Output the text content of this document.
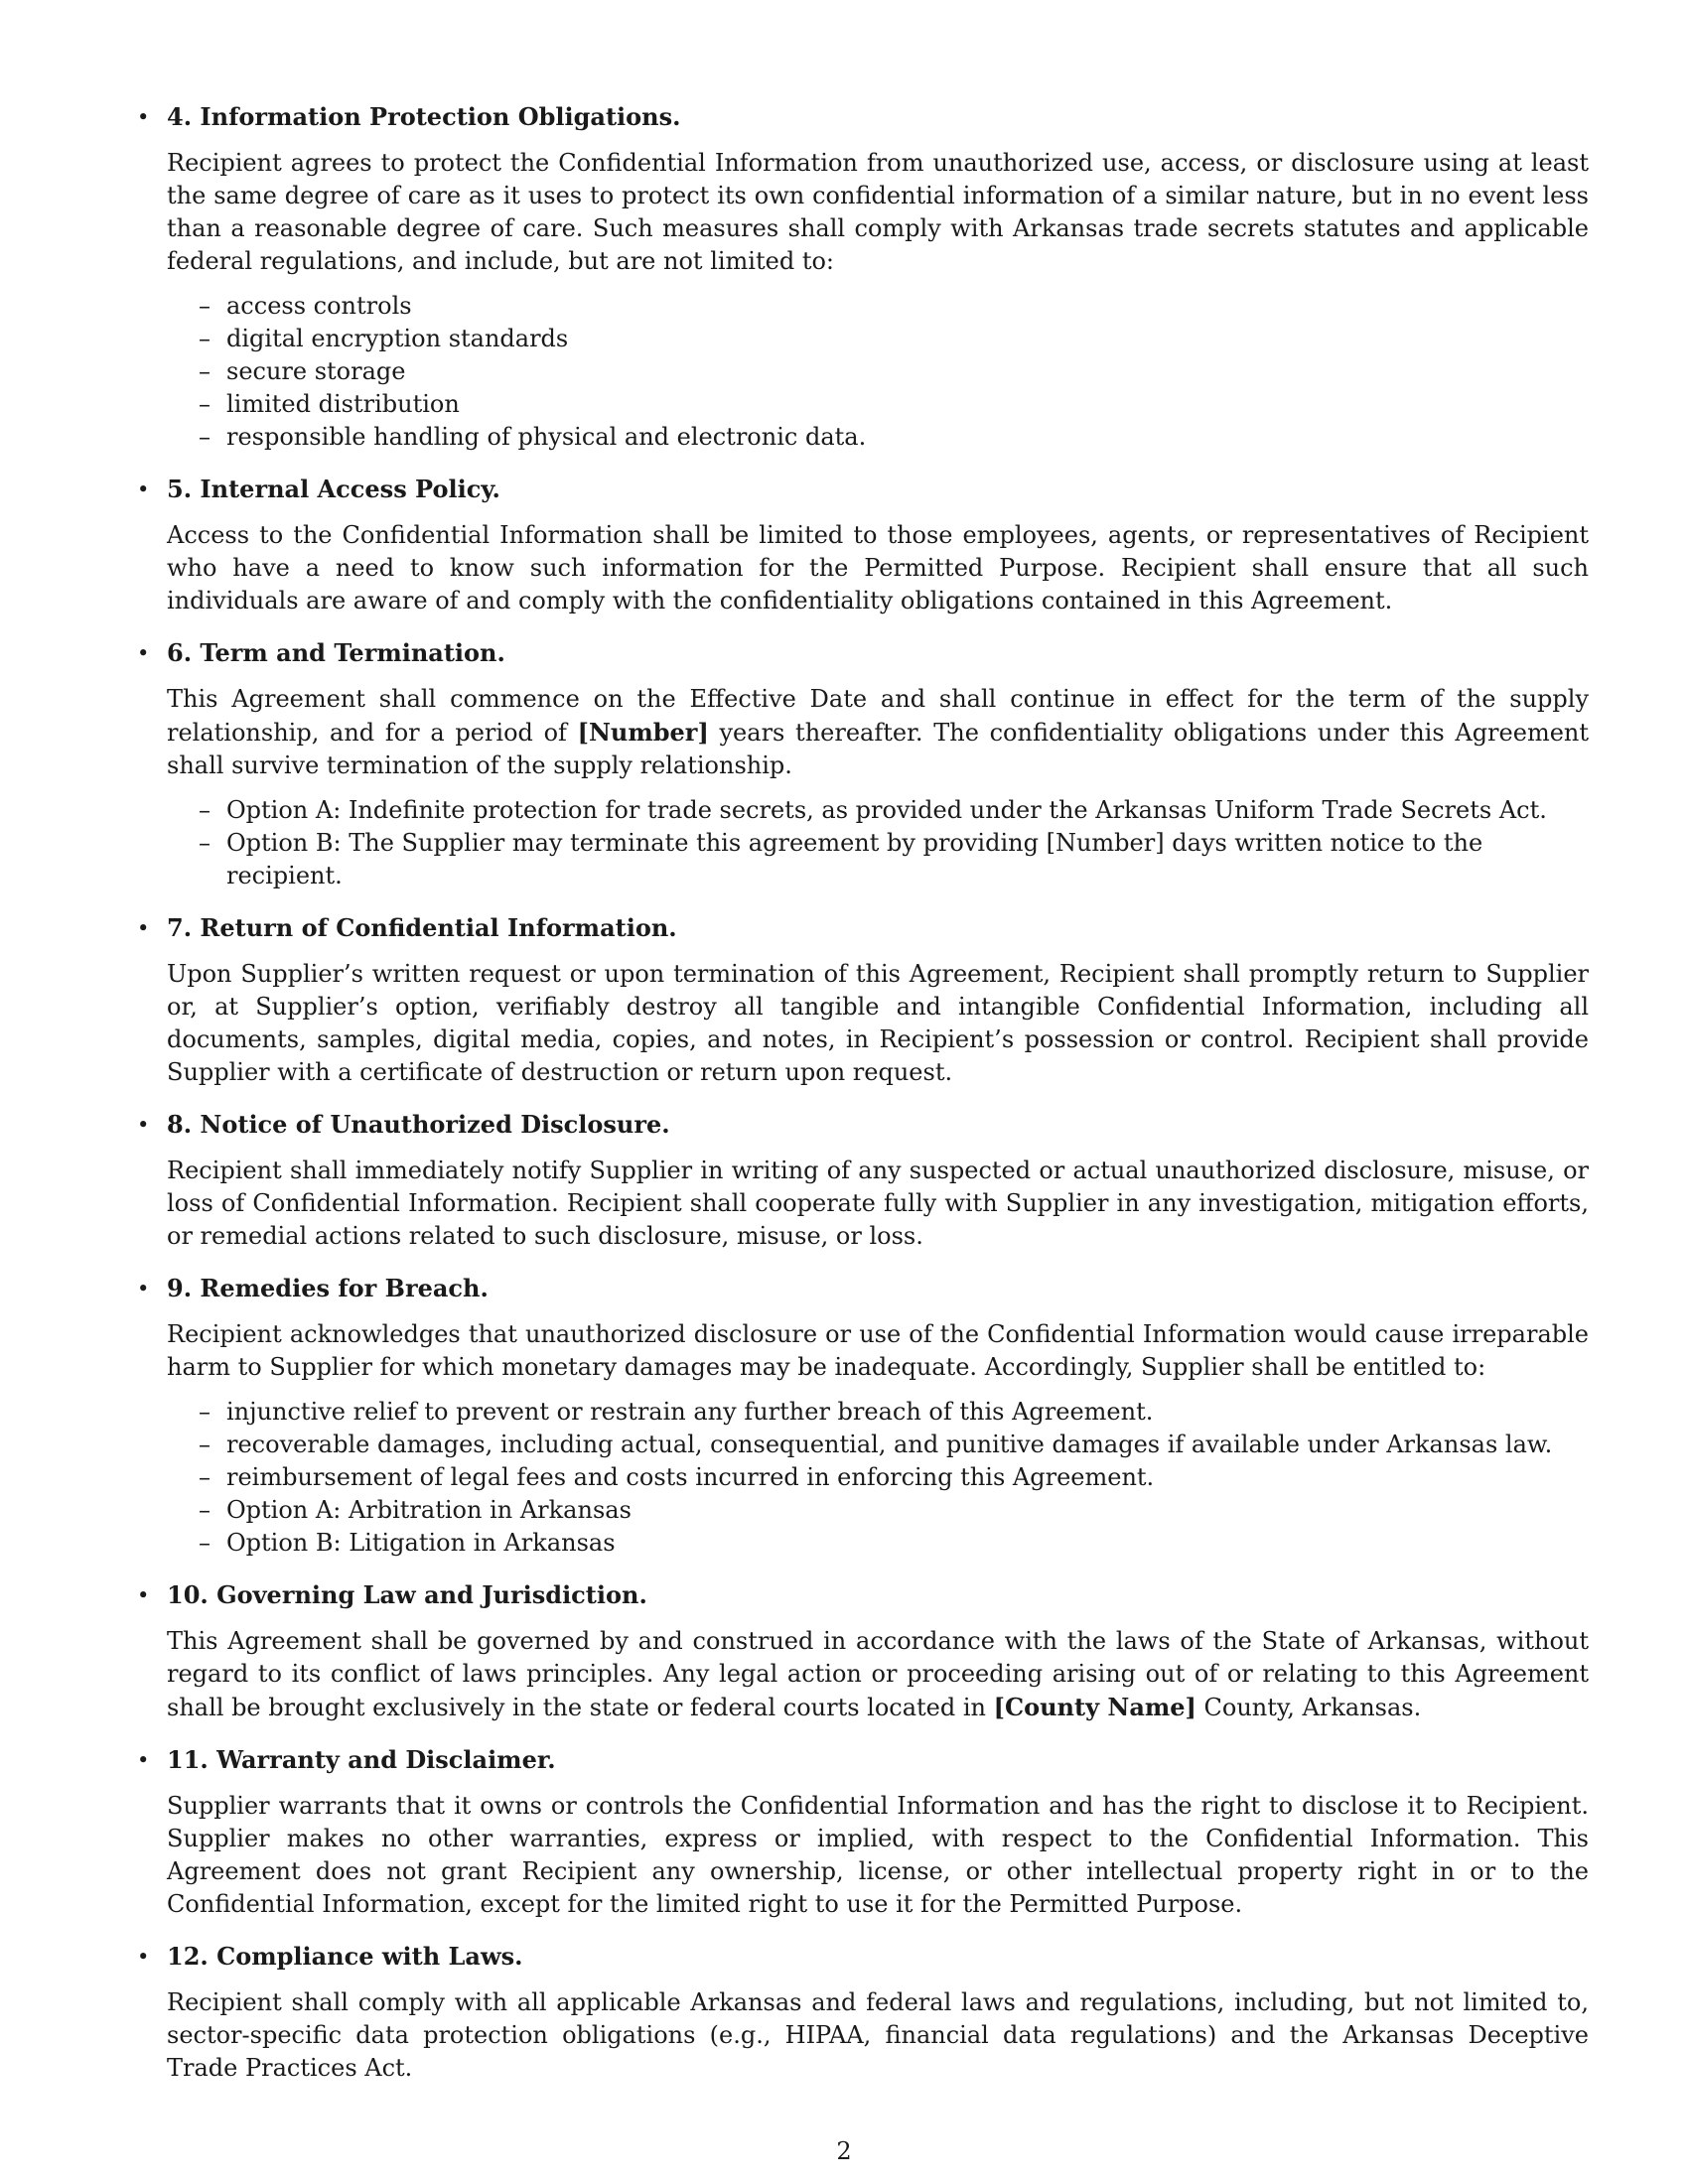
• 4. Information Protection Obligations.

Recipient agrees to protect the Confidential Information from unauthorized use, access, or disclosure using at least the same degree of care as it uses to protect its own confidential information of a similar nature, but in no event less than a reasonable degree of care. Such measures shall comply with Arkansas trade secrets statutes and applicable federal regulations, and include, but are not limited to:

– access controls
– digital encryption standards
– secure storage
– limited distribution
– responsible handling of physical and electronic data.
• 5. Internal Access Policy.

Access to the Confidential Information shall be limited to those employees, agents, or representatives of Recipient who have a need to know such information for the Permitted Purpose. Recipient shall ensure that all such individuals are aware of and comply with the confidentiality obligations contained in this Agreement.

• 6. Term and Termination.

This Agreement shall commence on the Effective Date and shall continue in effect for the term of the supply relationship, and for a period of [Number] years thereafter. The confidentiality obligations under this Agreement shall survive termination of the supply relationship.

– Option A: Indefinite protection for trade secrets, as provided under the Arkansas Uniform Trade Secrets Act.
– Option B: The Supplier may terminate this agreement by providing [Number] days written notice to the recipient.
• 7. Return of Confidential Information.

Upon Supplier’s written request or upon termination of this Agreement, Recipient shall promptly return to Supplier or, at Supplier’s option, verifiably destroy all tangible and intangible Confidential Information, including all documents, samples, digital media, copies, and notes, in Recipient’s possession or control. Recipient shall provide Supplier with a certificate of destruction or return upon request.

• 8. Notice of Unauthorized Disclosure.

Recipient shall immediately notify Supplier in writing of any suspected or actual unauthorized disclosure, misuse, or loss of Confidential Information. Recipient shall cooperate fully with Supplier in any investigation, mitigation efforts, or remedial actions related to such disclosure, misuse, or loss.

• 9. Remedies for Breach.

Recipient acknowledges that unauthorized disclosure or use of the Confidential Information would cause irreparable harm to Supplier for which monetary damages may be inadequate. Accordingly, Supplier shall be entitled to:

– injunctive relief to prevent or restrain any further breach of this Agreement.
– recoverable damages, including actual, consequential, and punitive damages if available under Arkansas law.
– reimbursement of legal fees and costs incurred in enforcing this Agreement.
– Option A: Arbitration in Arkansas
– Option B: Litigation in Arkansas
• 10. Governing Law and Jurisdiction.

This Agreement shall be governed by and construed in accordance with the laws of the State of Arkansas, without regard to its conflict of laws principles. Any legal action or proceeding arising out of or relating to this Agreement shall be brought exclusively in the state or federal courts located in [County Name] County, Arkansas.

• 11. Warranty and Disclaimer.

Supplier warrants that it owns or controls the Confidential Information and has the right to disclose it to Recipient. Supplier makes no other warranties, express or implied, with respect to the Confidential Information. This Agreement does not grant Recipient any ownership, license, or other intellectual property right in or to the Confidential Information, except for the limited right to use it for the Permitted Purpose.

• 12. Compliance with Laws.

Recipient shall comply with all applicable Arkansas and federal laws and regulations, including, but not limited to, sector-specific data protection obligations (e.g., HIPAA, financial data regulations) and the Arkansas Deceptive Trade Practices Act.

2
